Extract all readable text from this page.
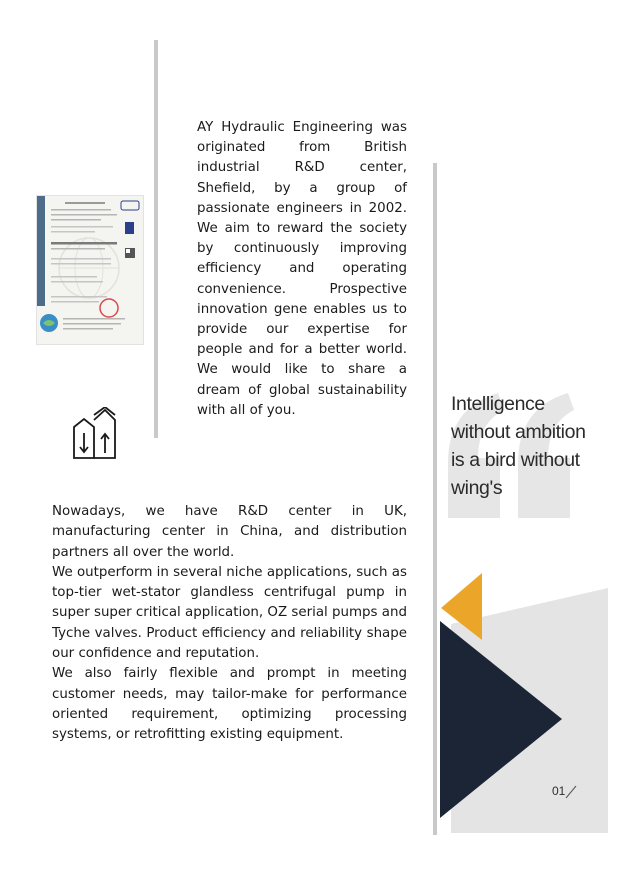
AY Hydraulic Engineering was originated from British industrial R&D center, Shefield, by a group of passionate engineers in 2002. We aim to reward the society by continuously improving efficiency and operating convenience. Prospective innovation gene enables us to provide our expertise for people and for a better world. We would like to share a dream of global sustainability with all of you.

Nowadays, we have R&D center in UK, manufacturing center in China, and distribution partners all over the world.

We outperform in several niche applications, such as top-tier wet-stator glandless centrifugal pump in super super critical application, OZ serial pumps and Tyche valves. Product efficiency and reliability shape our confidence and reputation.

We also fairly flexible and prompt in meeting customer needs, may tailor-make for performance oriented requirement, optimizing processing systems, or retrofitting existing equipment.

Intelligence without ambition is a bird without wing's
01
